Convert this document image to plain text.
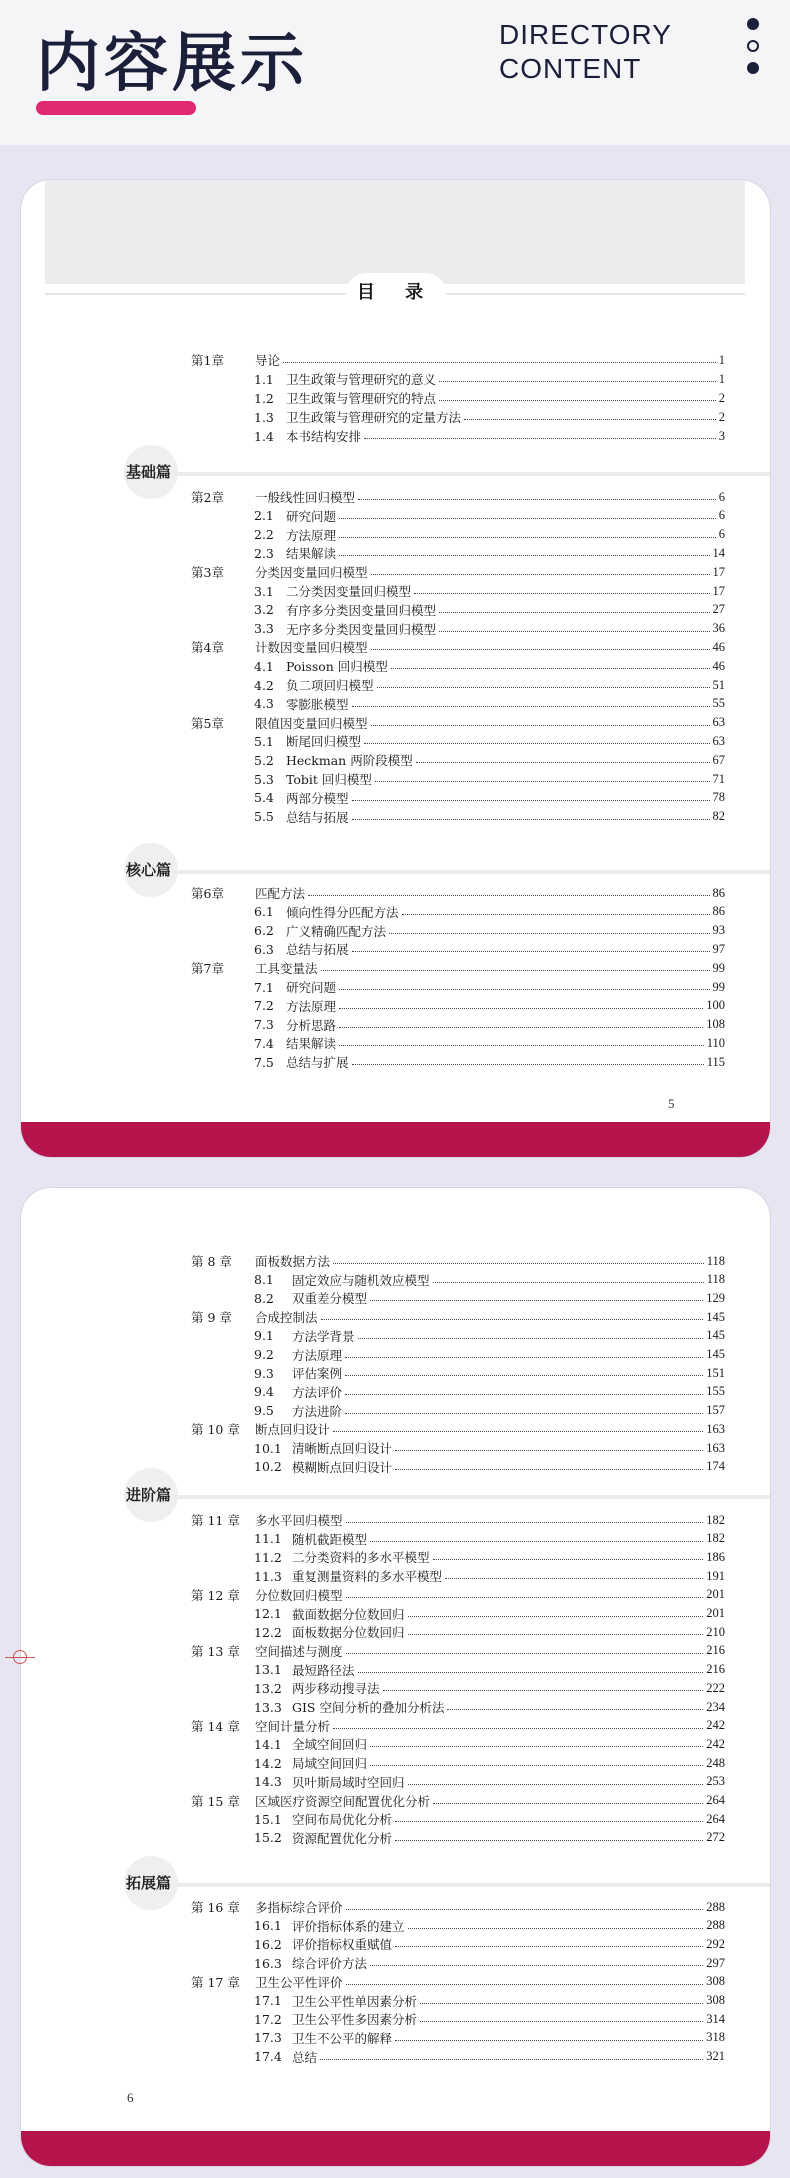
内容展示	DIRECTORY
CONTENT
目 录
第1章	导论	1
1.1 卫生政策与管理研究的意义	1
1.2 卫生政策与管理研究的特点	2
1.3 卫生政策与管理研究的定量方法	2
1.4 本书结构安排	3
基础篇
第2章	一般线性回归模型	6
2.1 研究问题	6
2.2 方法原理	6
2.3 结果解读	14
第3章	分类因变量回归模型	17
3.1 二分类因变量回归模型	17
3.2 有序多分类因变量回归模型	27
3.3 无序多分类因变量回归模型	36
第4章	计数因变量回归模型	46
4.1 Poisson 回归模型	46
4.2 负二项回归模型	51
4.3 零膨胀模型	55
第5章	限值因变量回归模型	63
5.1 断尾回归模型	63
5.2 Heckman 两阶段模型	67
5.3 Tobit 回归模型	71
5.4 两部分模型	78
5.5 总结与拓展	82
核心篇
第6章	匹配方法	86
6.1 倾向性得分匹配方法	86
6.2 广义精确匹配方法	93
6.3 总结与拓展	97
第7章	工具变量法	99
7.1 研究问题	99
7.2 方法原理	100
7.3 分析思路	108
7.4 结果解读	110
7.5 总结与扩展	115
5
第 8 章	面板数据方法	118
8.1	固定效应与随机效应模型	118
8.2	双重差分模型	129
第 9 章	合成控制法	145
9.1	方法学背景	145
9.2	方法原理	145
9.3	评估案例	151
9.4	方法评价	155
9.5	方法进阶	157
第 10 章	断点回归设计	163
10.1 清晰断点回归设计	163
10.2 模糊断点回归设计	174
进阶篇
第 11 章	多水平回归模型	182
11.1 随机截距模型	182
11.2 二分类资料的多水平模型	186
11.3 重复测量资料的多水平模型	191
第 12 章	分位数回归模型	201
12.1 截面数据分位数回归	201
12.2 面板数据分位数回归	210
第 13 章	空间描述与测度	216
13.1 最短路径法	216
13.2 两步移动搜寻法	222
13.3 GIS 空间分析的叠加分析法	234
第 14 章	空间计量分析	242
14.1 全域空间回归	242
14.2 局域空间回归	248
14.3 贝叶斯局域时空回归	253
第 15 章	区域医疗资源空间配置优化分析	264
15.1 空间布局优化分析	264
15.2 资源配置优化分析	272
拓展篇
第 16 章	多指标综合评价	288
16.1 评价指标体系的建立	288
16.2 评价指标权重赋值	292
16.3 综合评价方法	297
第 17 章	卫生公平性评价	308
17.1 卫生公平性单因素分析	308
17.2 卫生公平性多因素分析	314
17.3 卫生不公平的解释	318
17.4 总结	321
6
